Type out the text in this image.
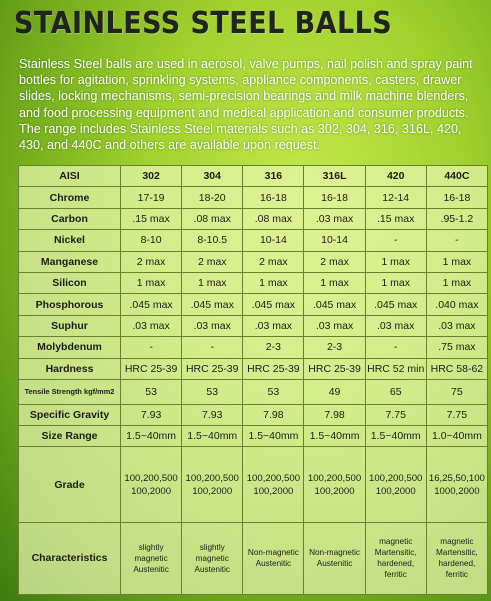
STAINLESS STEEL BALLS
Stainless Steel balls are used in aerosol, valve pumps, nail polish and spray paint bottles for agitation, sprinkling systems, appliance components, casters, drawer slides, locking mechanisms, semi-precision bearings and milk machine blenders, and food processing equipment and medical application and consumer products. The range includes Stainless Steel materials such as 302, 304, 316, 316L, 420, 430, and 440C and others are available upon request.
AISI	302	304	316	316L	420	440C
Chrome	17-19	18-20	16-18	16-18	12-14	16-18
Carbon	.15 max	.08 max	.08 max	.03 max	.15 max	.95-1.2
Nickel	8-10	8-10.5	10-14	10-14	-	-
Manganese	2 max	2 max	2 max	2 max	1 max	1 max
Silicon	1 max	1 max	1 max	1 max	1 max	1 max
Phosphorous	.045 max	.045 max	.045 max	.045 max	.045 max	.040 max
Suphur	.03 max	.03 max	.03 max	.03 max	.03 max	.03 max
Molybdenum	-	-	2-3	2-3	-	.75 max
Hardness	HRC 25-39	HRC 25-39	HRC 25-39	HRC 25-39	HRC 52 min	HRC 58-62
Tensile Strength kgf/mm2	53	53	53	49	65	75
Specific Gravity	7.93	7.93	7.98	7.98	7.75	7.75
Size Range	1.5~40mm	1.5~40mm	1.5~40mm	1.5~40mm	1.5~40mm	1.0~40mm
Grade	100,200,500 100,2000	100,200,500 100,2000	100,200,500 100,2000	100,200,500 100,2000	100,200,500 100,2000	16,25,50,100 1000,2000
Characteristics	slightly magnetic Austenitic	slightly magnetic Austenitic	Non-magnetic Austenitic	Non-magnetic Austenitic	magnetic Martensitic, hardened, ferritic	magnetic Martensitic, hardened, ferritic
